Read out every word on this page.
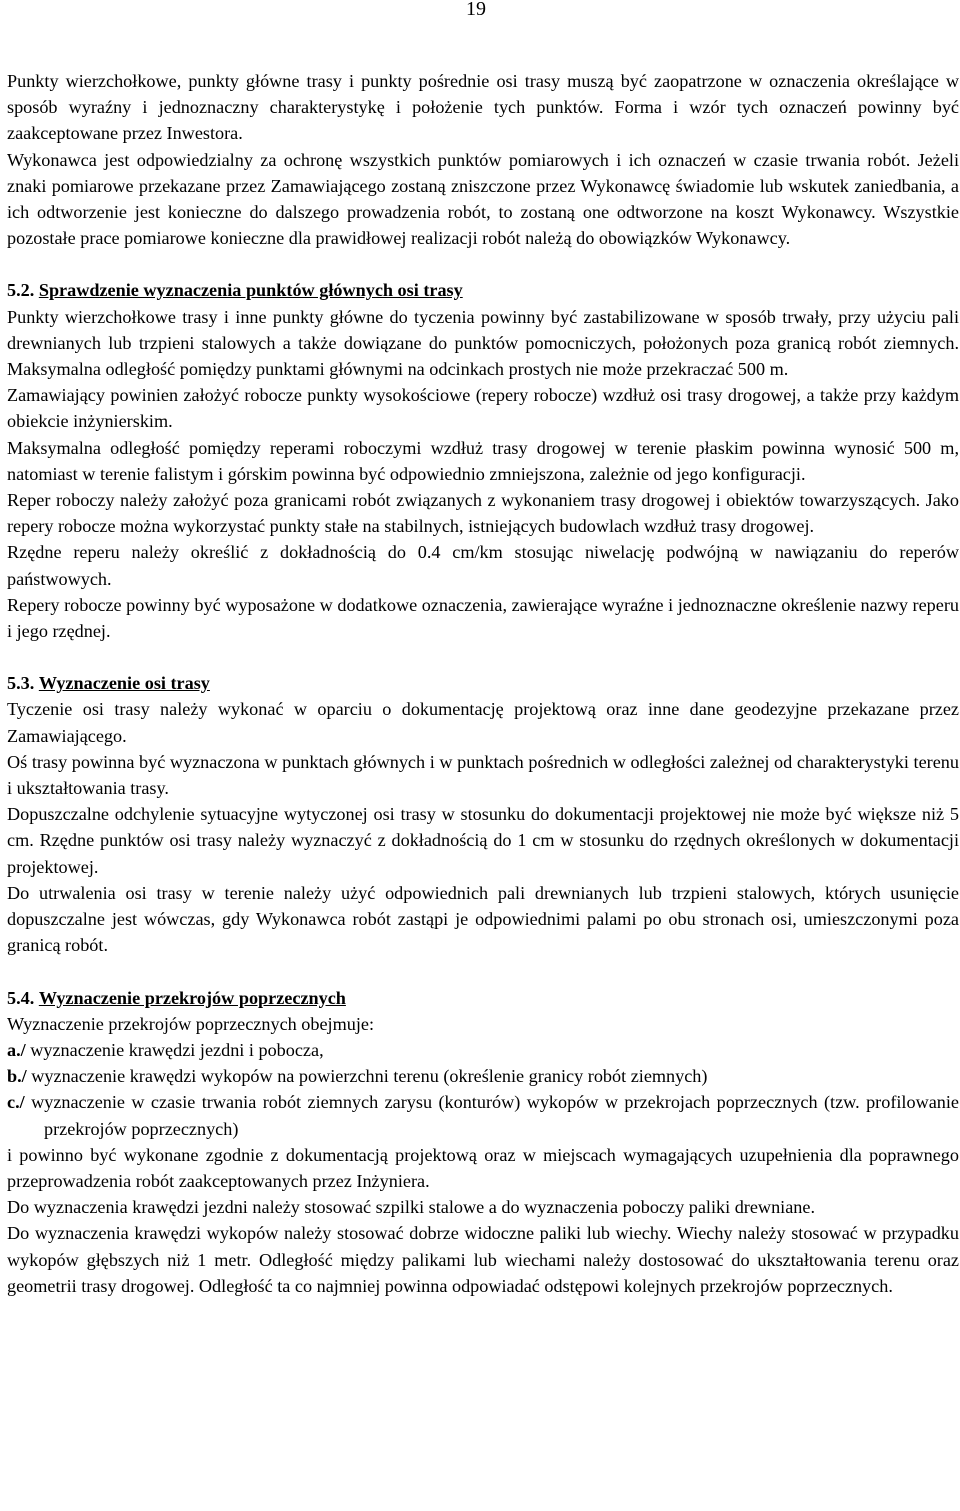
19

Punkty wierzchołkowe, punkty główne trasy i punkty pośrednie osi trasy muszą być zaopatrzone w oznaczenia określające w sposób wyraźny i jednoznaczny charakterystykę i położenie tych punktów. Forma i wzór tych oznaczeń powinny być zaakceptowane przez Inwestora.

Wykonawca jest odpowiedzialny za ochronę wszystkich punktów pomiarowych i ich oznaczeń w czasie trwania robót. Jeżeli znaki pomiarowe przekazane przez Zamawiającego zostaną zniszczone przez Wykonawcę świadomie lub wskutek zaniedbania, a ich odtworzenie jest konieczne do dalszego prowadzenia robót, to zostaną one odtworzone na koszt Wykonawcy. Wszystkie pozostałe prace pomiarowe konieczne dla prawidłowej realizacji robót należą do obowiązków Wykonawcy.

5.2. Sprawdzenie wyznaczenia punktów głównych osi trasy

Punkty wierzchołkowe trasy i inne punkty główne do tyczenia powinny być zastabilizowane w sposób trwały, przy użyciu pali drewnianych lub trzpieni stalowych a także dowiązane do punktów pomocniczych, położonych poza granicą robót ziemnych. Maksymalna odległość pomiędzy punktami głównymi na odcinkach prostych nie może przekraczać 500 m.

Zamawiający powinien założyć robocze punkty wysokościowe (repery robocze) wzdłuż osi trasy drogowej, a także przy każdym obiekcie inżynierskim.

Maksymalna odległość pomiędzy reperami roboczymi wzdłuż trasy drogowej w terenie płaskim powinna wynosić 500 m, natomiast w terenie falistym i górskim powinna być odpowiednio zmniejszona, zależnie od jego konfiguracji.

Reper roboczy należy założyć poza granicami robót związanych z wykonaniem trasy drogowej i obiektów towarzyszących. Jako repery robocze można wykorzystać punkty stałe na stabilnych, istniejących budowlach wzdłuż trasy drogowej.

Rzędne reperu należy określić z dokładnością do 0.4 cm/km stosując niwelację podwójną w nawiązaniu do reperów państwowych.

Repery robocze powinny być wyposażone w dodatkowe oznaczenia, zawierające wyraźne i jednoznaczne określenie nazwy reperu i jego rzędnej.

5.3. Wyznaczenie osi trasy

Tyczenie osi trasy należy wykonać w oparciu o dokumentację projektową oraz inne dane geodezyjne przekazane przez Zamawiającego.

Oś trasy powinna być wyznaczona w punktach głównych i w punktach pośrednich w odległości zależnej od charakterystyki terenu i ukształtowania trasy.

Dopuszczalne odchylenie sytuacyjne wytyczonej osi trasy w stosunku do dokumentacji projektowej nie może być większe niż 5 cm. Rzędne punktów osi trasy należy wyznaczyć z dokładnością do 1 cm w stosunku do rzędnych określonych w dokumentacji projektowej.

Do utrwalenia osi trasy w terenie należy użyć odpowiednich pali drewnianych lub trzpieni stalowych, których usunięcie dopuszczalne jest wówczas, gdy Wykonawca robót zastąpi je odpowiednimi palami po obu stronach osi, umieszczonymi poza granicą robót.

5.4. Wyznaczenie przekrojów poprzecznych

Wyznaczenie przekrojów poprzecznych obejmuje:

a./ wyznaczenie krawędzi jezdni i pobocza,

b./ wyznaczenie krawędzi wykopów na powierzchni terenu (określenie granicy robót ziemnych)

c./ wyznaczenie w czasie trwania robót ziemnych zarysu (konturów) wykopów w przekrojach poprzecznych (tzw. profilowanie przekrojów poprzecznych)

i powinno być wykonane zgodnie z dokumentacją projektową oraz w miejscach wymagających uzupełnienia dla poprawnego przeprowadzenia robót zaakceptowanych przez Inżyniera.

Do wyznaczenia krawędzi jezdni należy stosować szpilki stalowe a do wyznaczenia poboczy paliki drewniane.

Do wyznaczenia krawędzi wykopów należy stosować dobrze widoczne paliki lub wiechy. Wiechy należy stosować w przypadku wykopów głębszych niż 1 metr. Odległość między palikami lub wiechami należy dostosować do ukształtowania terenu oraz geometrii trasy drogowej. Odległość ta co najmniej powinna odpowiadać odstępowi kolejnych przekrojów poprzecznych.
